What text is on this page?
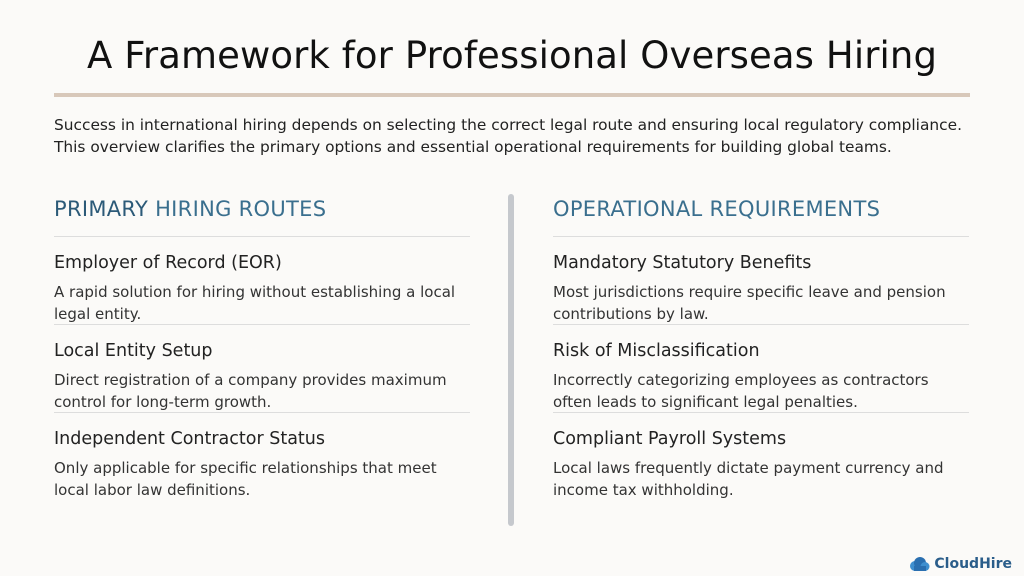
A Framework for Professional Overseas Hiring
Success in international hiring depends on selecting the correct legal route and ensuring local regulatory compliance.
This overview clarifies the primary options and essential operational requirements for building global teams.
PRIMARY HIRING ROUTES
Employer of Record (EOR)
A rapid solution for hiring without establishing a local legal entity.
Local Entity Setup
Direct registration of a company provides maximum control for long-term growth.
Independent Contractor Status
Only applicable for specific relationships that meet local labor law definitions.
OPERATIONAL REQUIREMENTS
Mandatory Statutory Benefits
Most jurisdictions require specific leave and pension contributions by law.
Risk of Misclassification
Incorrectly categorizing employees as contractors often leads to significant legal penalties.
Compliant Payroll Systems
Local laws frequently dictate payment currency and income tax withholding.
CloudHire
